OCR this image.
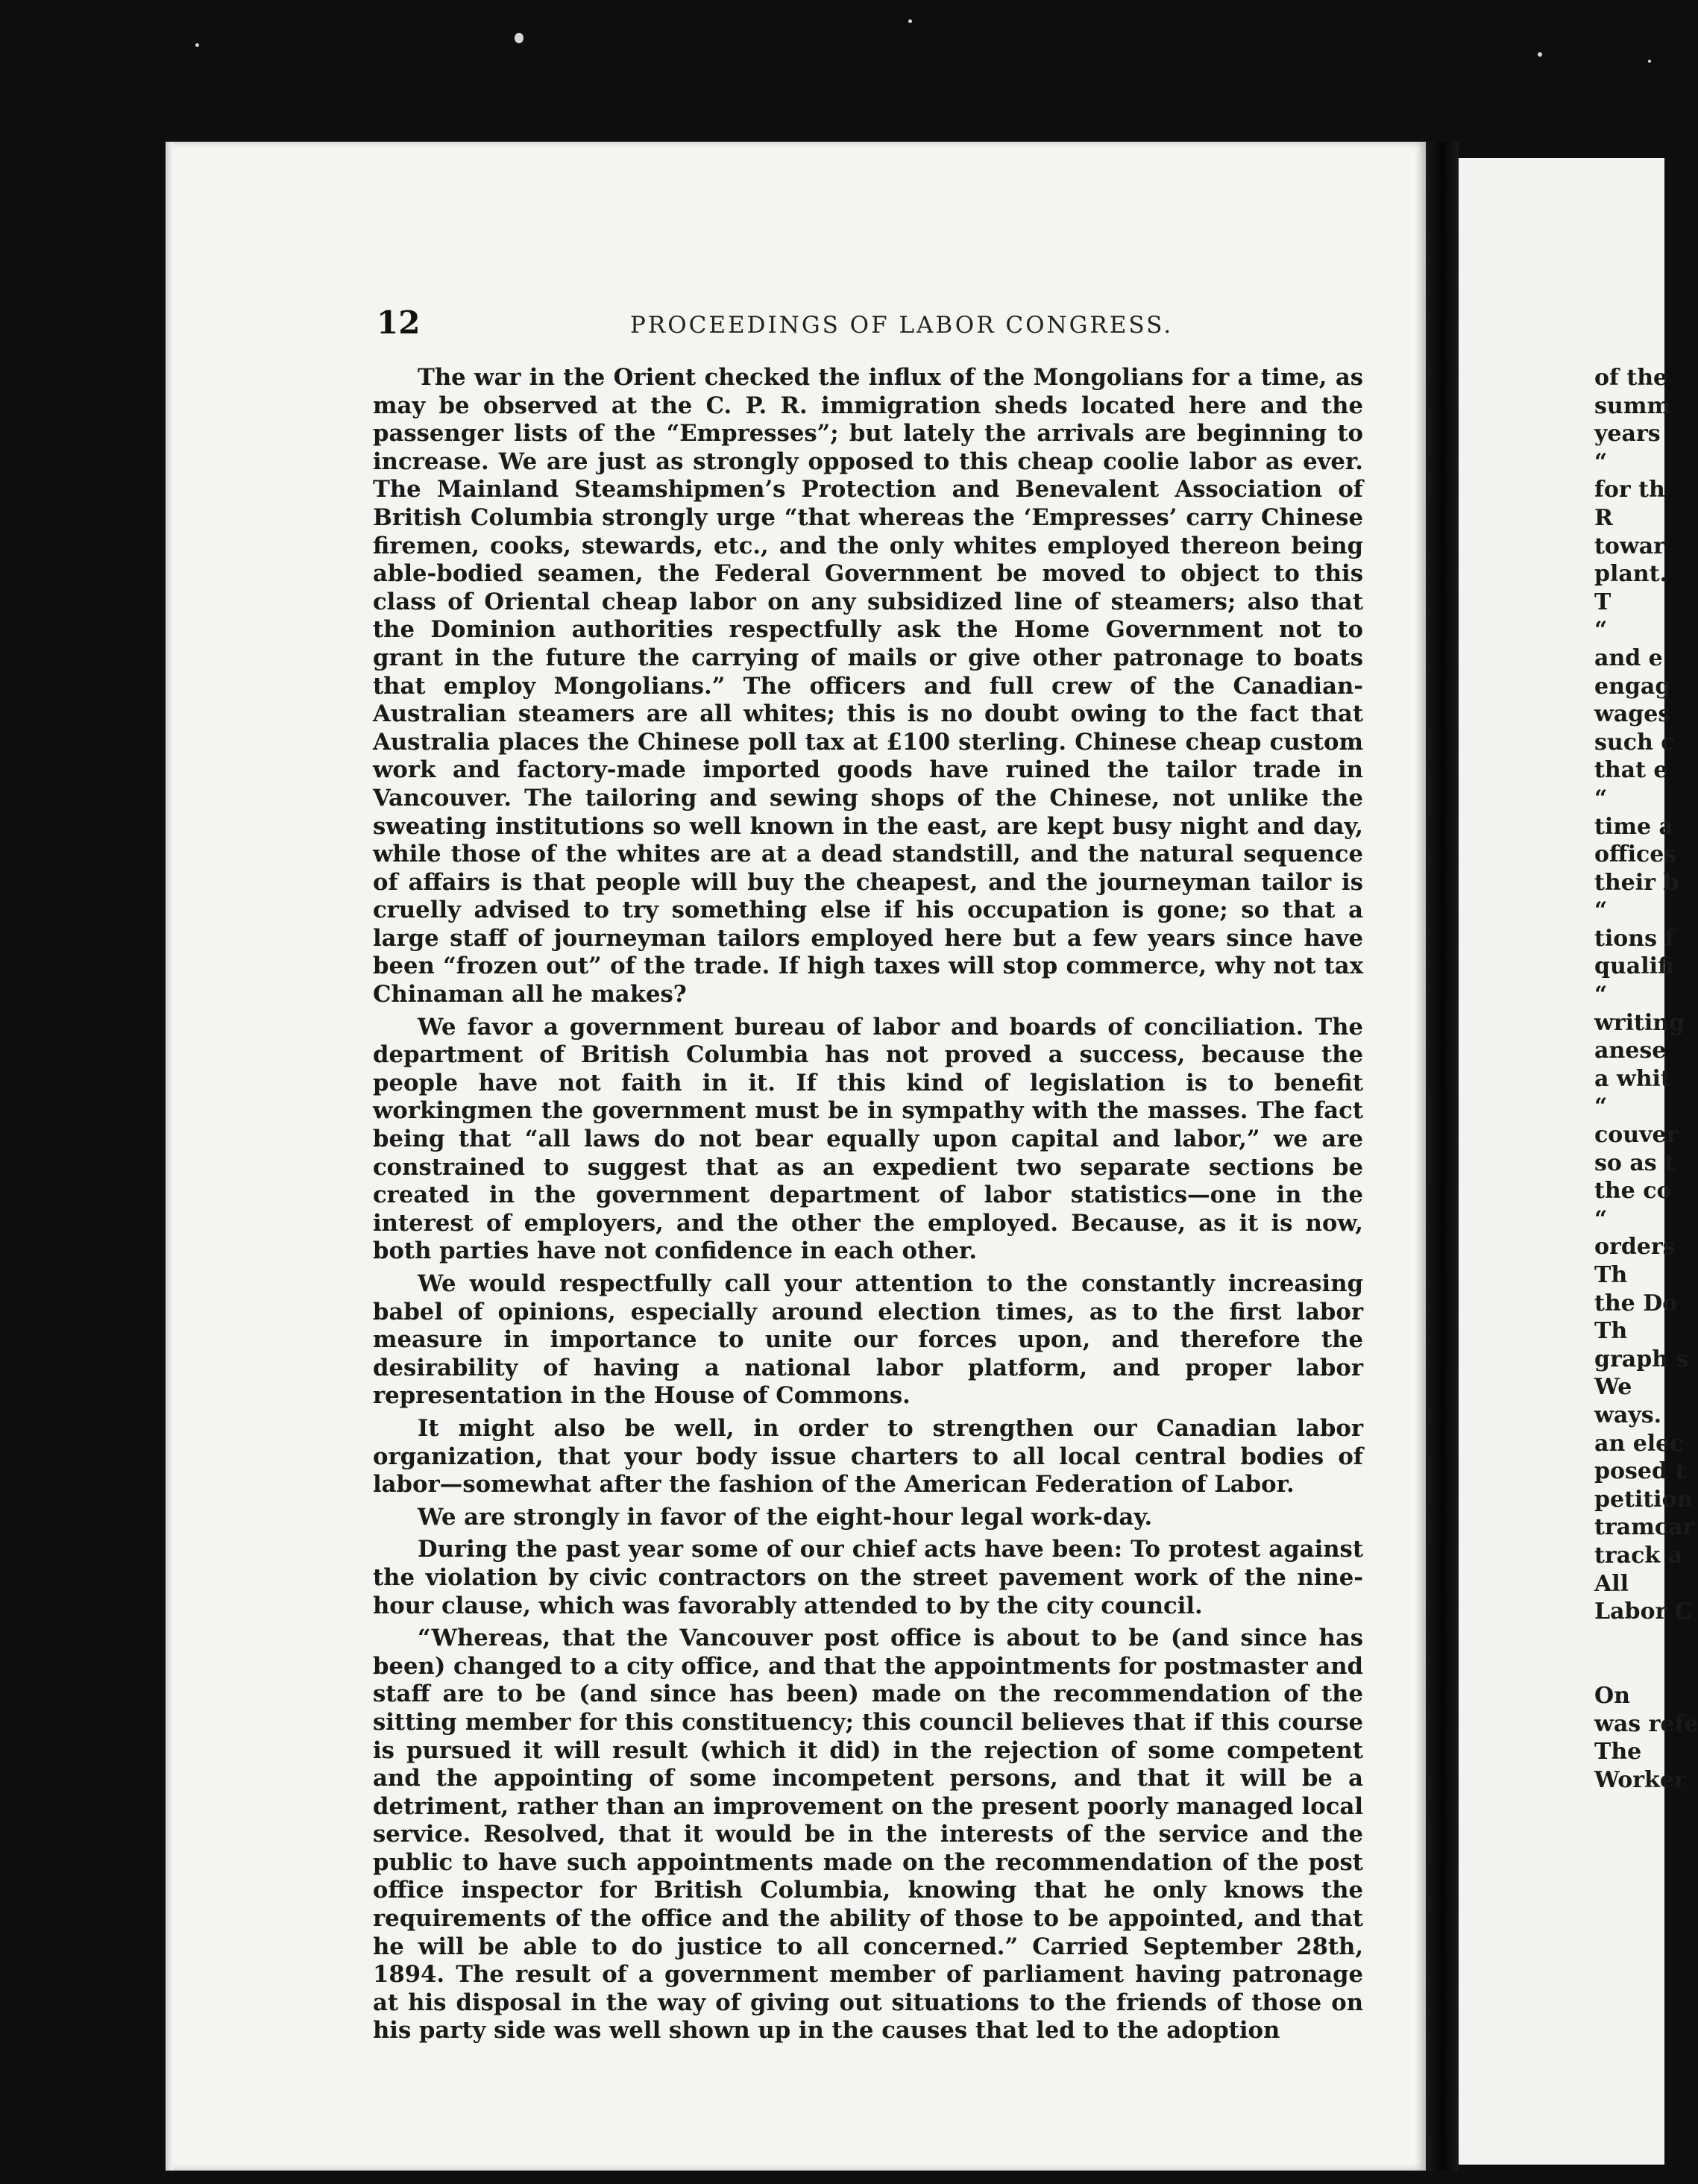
12	PROCEEDINGS OF LABOR CONGRESS.

The war in the Orient checked the influx of the Mongolians for a time, as may be observed at the C. P. R. immigration sheds located here and the passenger lists of the “Empresses”; but lately the arrivals are beginning to increase. We are just as strongly opposed to this cheap coolie labor as ever. The Mainland Steamshipmen’s Protection and Benevalent Association of British Columbia strongly urge “that whereas the ‘Empresses’ carry Chinese firemen, cooks, stewards, etc., and the only whites employed thereon being able-bodied seamen, the Federal Government be moved to object to this class of Oriental cheap labor on any subsidized line of steamers; also that the Dominion authorities respectfully ask the Home Government not to grant in the future the carrying of mails or give other patronage to boats that employ Mongolians.” The officers and full crew of the Canadian-Australian steamers are all whites; this is no doubt owing to the fact that Australia places the Chinese poll tax at £100 sterling. Chinese cheap custom work and factory-made imported goods have ruined the tailor trade in Vancouver. The tailoring and sewing shops of the Chinese, not unlike the sweating institutions so well known in the east, are kept busy night and day, while those of the whites are at a dead standstill, and the natural sequence of affairs is that people will buy the cheapest, and the journeyman tailor is cruelly advised to try something else if his occupation is gone; so that a large staff of journeyman tailors employed here but a few years since have been “frozen out” of the trade. If high taxes will stop commerce, why not tax Chinaman all he makes?

We favor a government bureau of labor and boards of conciliation. The department of British Columbia has not proved a success, because the people have not faith in it. If this kind of legislation is to benefit workingmen the government must be in sympathy with the masses. The fact being that “all laws do not bear equally upon capital and labor,” we are constrained to suggest that as an expedient two separate sections be created in the government department of labor statistics—one in the interest of employers, and the other the employed. Because, as it is now, both parties have not confidence in each other.

We would respectfully call your attention to the constantly increasing babel of opinions, especially around election times, as to the first labor measure in importance to unite our forces upon, and therefore the desirability of having a national labor platform, and proper labor representation in the House of Commons.

It might also be well, in order to strengthen our Canadian labor organization, that your body issue charters to all local central bodies of labor—somewhat after the fashion of the American Federation of Labor.

We are strongly in favor of the eight-hour legal work-day.

During the past year some of our chief acts have been: To protest against the violation by civic contractors on the street pavement work of the nine-hour clause, which was favorably attended to by the city council.

“Whereas, that the Vancouver post office is about to be (and since has been) changed to a city office, and that the appointments for postmaster and staff are to be (and since has been) made on the recommendation of the sitting member for this constituency; this council believes that if this course is pursued it will result (which it did) in the rejection of some competent and the appointing of some incompetent persons, and that it will be a detriment, rather than an improvement on the present poorly managed local service. Resolved, that it would be in the interests of the service and the public to have such appointments made on the recommendation of the post office inspector for British Columbia, knowing that he only knows the requirements of the office and the ability of those to be appointed, and that he will be able to do justice to all concerned.” Carried September 28th, 1894. The result of a government member of parliament having patronage at his disposal in the way of giving out situations to the friends of those on his party side was well shown up in the causes that led to the adoption

of the
summ
years
“
for th
R
towar
plant.
T
“
and e
engag
wages
such c
that e
“
time a
offices
their b
“
tions f
qualifi
“
writing
anese
a whit
“
couver
so as t
the co
“
orders
Th
the Do
Th
graph s
We
ways.
an elec
posed t
petition
tramcar
track a
All
Labor C
On
was refe
The
Worker
